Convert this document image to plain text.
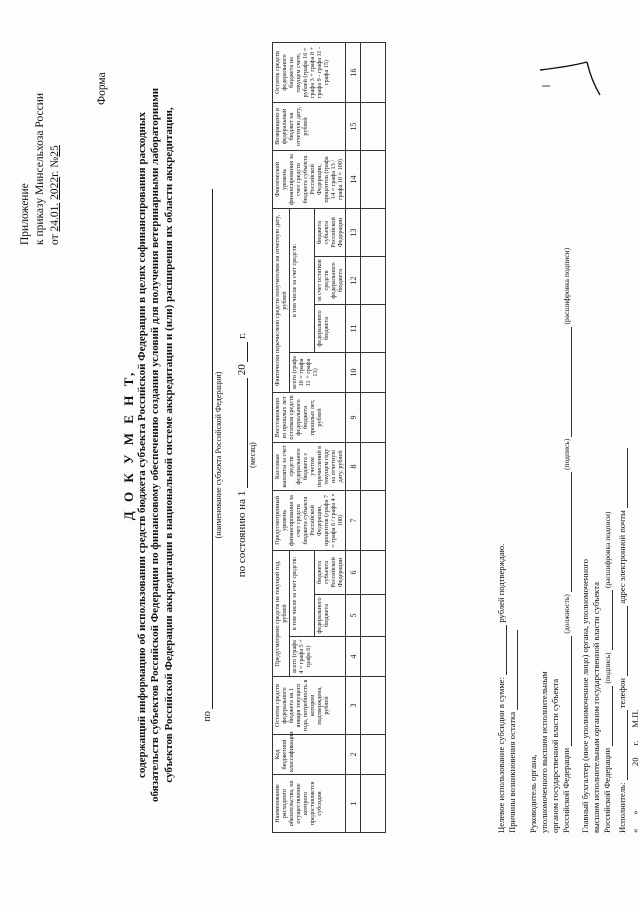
Приложение к приказу Минсельхоза России от 24.01. 2022г. №25
Форма
Д О К У М Е Н Т, содержащий информацию об использовании средств бюджета субъекта Российской Федерации в целях софинансирования расходных обязательств субъектов Российской Федерации по финансовому обеспечению создания условий для получения ветеринарными лабораториями субъектов Российской Федерации аккредитации в национальной системе аккредитации и (или) расширения их области аккредитации,	по
(наименование субъекта Российской Федерации) по состоянию на 1  20  г.
(месяц)
Наименование расходного обязательства, на осуществление которого предоставляется субсидия	Код бюджетной классификации	Остаток средств федерального бюджета на 1 января текущего года, потребность в котором подтверждена, рублей	Предусмотрено средств на текущий год, рублей			Предусмотренный уровень финансирования за счет средств бюджета субъекта Российской Федерации, процентов (графа 7 = графа 6 / графа 4 × 100)	Кассовые выплаты за счет средств федерального бюджета с учетом перечислений в текущем году на отчетную дату, рублей	Восстановлено из прошлых лет остатков средств федерального бюджета прошлых лет, рублей	Фактически перечислено средств получателям на отчетную дату, рублей				Фактический уровень финансирования за счет средств бюджета субъекта Российской Федерации, процентов (графа 14 = графа 13 / графа 10 × 100)	Возвращено в федеральный бюджет на отчетную дату, рублей	Остаток средств федерального бюджета на текущем счете, рублей (графа 16 = графа 3 + графа 8 + графа 9 - графа 11 - графа 15)
			всего (графа 4 = графа 5 + графа 6)	в том числе за счет средств:					всего (графа 10 = графа 11 + графа 13)	в том числе за счет средств:					
				федерального бюджета	бюджета субъекта Российской Федерации					федерального бюджета	за счет остатков средств федерального бюджета	бюджета субъекта Российской Федерации			
1	2	3	4	5	6	7	8	9	10	11	12	13	14	15	16

Целевое использование субсидии в сумме:  рублей подтверждаю.
Причины возникновения остатка Руководитель органа, уполномоченного высшим исполнительным органом государственной власти субъекта Российской Федерации  (должность)  (подпись)  (расшифровка подписи)
Главный бухгалтер (иное уполномоченное лицо) органа, уполномоченного высшим исполнительным органом государственной власти субъекта Российской Федерации  (подпись)  (расшифровка подписи)
Исполнитель:  телефон  адрес электронной почты
«»  20 г.      М.П.
